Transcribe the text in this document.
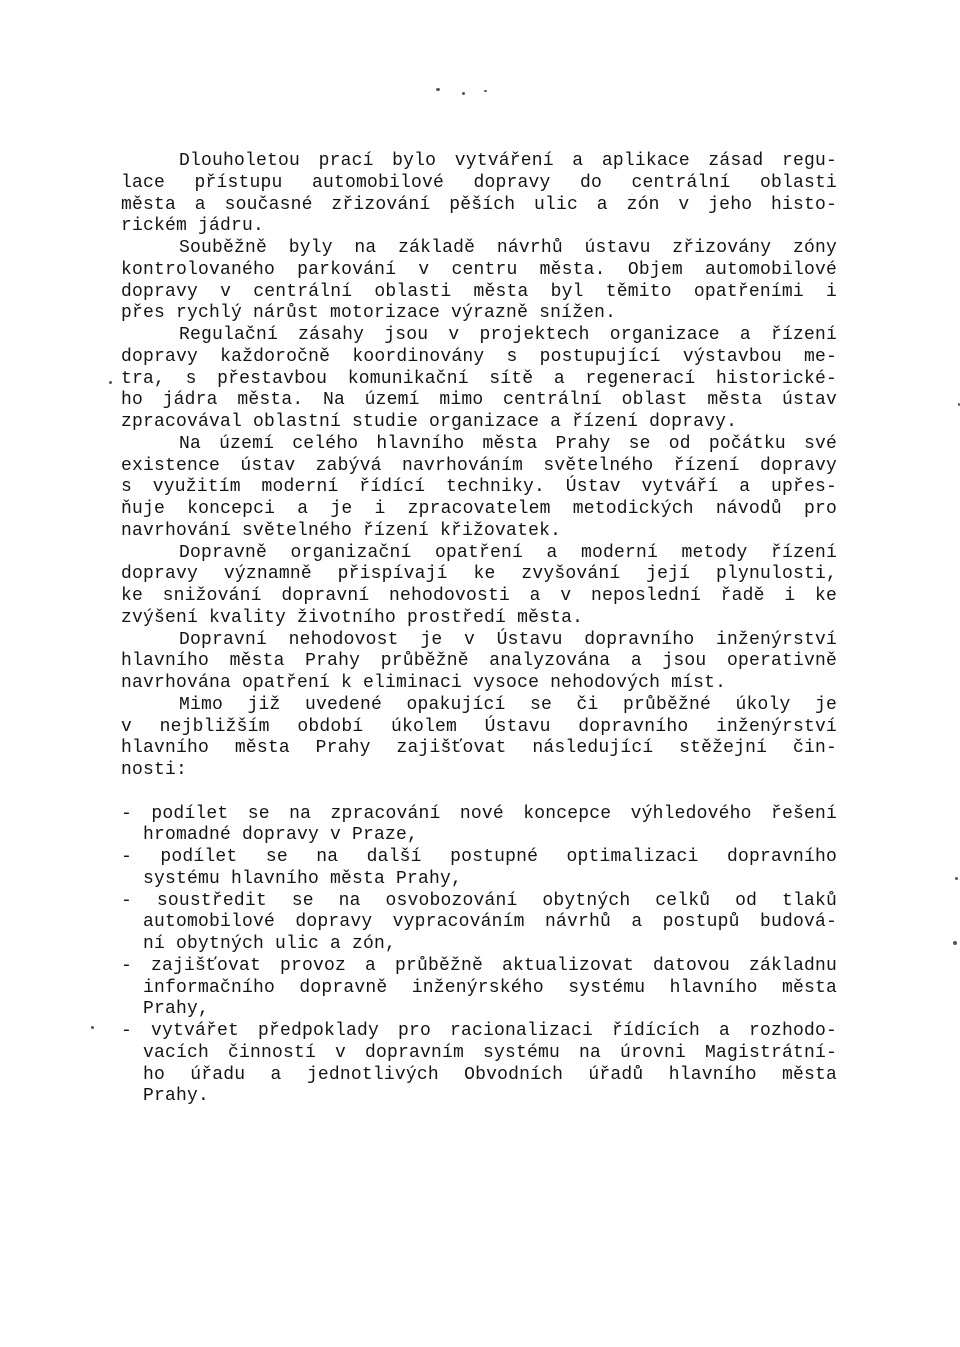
Dlouholetou prací bylo vytváření a aplikace zásad regu-
lace přístupu automobilové dopravy do centrální oblasti
města a současné zřizování pěších ulic a zón v jeho histo-
rickém jádru.
Souběžně byly na základě návrhů ústavu zřizovány zóny
kontrolovaného parkování v centru města. Objem automobilové
dopravy v centrální oblasti města byl těmito opatřeními i
přes rychlý nárůst motorizace výrazně snížen.
Regulační zásahy jsou v projektech organizace a řízení
dopravy každoročně koordinovány s postupující výstavbou me-
tra, s přestavbou komunikační sítě a regenerací historické-
ho jádra města. Na území mimo centrální oblast města ústav
zpracovával oblastní studie organizace a řízení dopravy.
Na území celého hlavního města Prahy se od počátku své
existence ústav zabývá navrhováním světelného řízení dopravy
s využitím moderní řídící techniky. Ústav vytváří a upřes-
ňuje koncepci a je i zpracovatelem metodických návodů pro
navrhování světelného řízení křižovatek.
Dopravně organizační opatření a moderní metody řízení
dopravy významně přispívají ke zvyšování její plynulosti,
ke snižování dopravní nehodovosti a v neposlední řadě i ke
zvýšení kvality životního prostředí města.
Dopravní nehodovost je v Ústavu dopravního inženýrství
hlavního města Prahy průběžně analyzována a jsou operativně
navrhována opatření k eliminaci vysoce nehodových míst.
Mimo již uvedené opakující se či průběžné úkoly je
v nejbližším období úkolem Ústavu dopravního inženýrství
hlavního města Prahy zajišťovat následující stěžejní čin-
nosti:
- podílet se na zpracování nové koncepce výhledového řešení
hromadné dopravy v Praze,
- podílet se na další postupné optimalizaci dopravního
systému hlavního města Prahy,
- soustředit se na osvobozování obytných celků od tlaků
automobilové dopravy vypracováním návrhů a postupů budová-
ní obytných ulic a zón,
- zajišťovat provoz a průběžně aktualizovat datovou základnu
informačního dopravně inženýrského systému hlavního města
Prahy,
- vytvářet předpoklady pro racionalizaci řídících a rozhodo-
vacích činností v dopravním systému na úrovni Magistrátní-
ho úřadu a jednotlivých Obvodních úřadů hlavního města
Prahy.
